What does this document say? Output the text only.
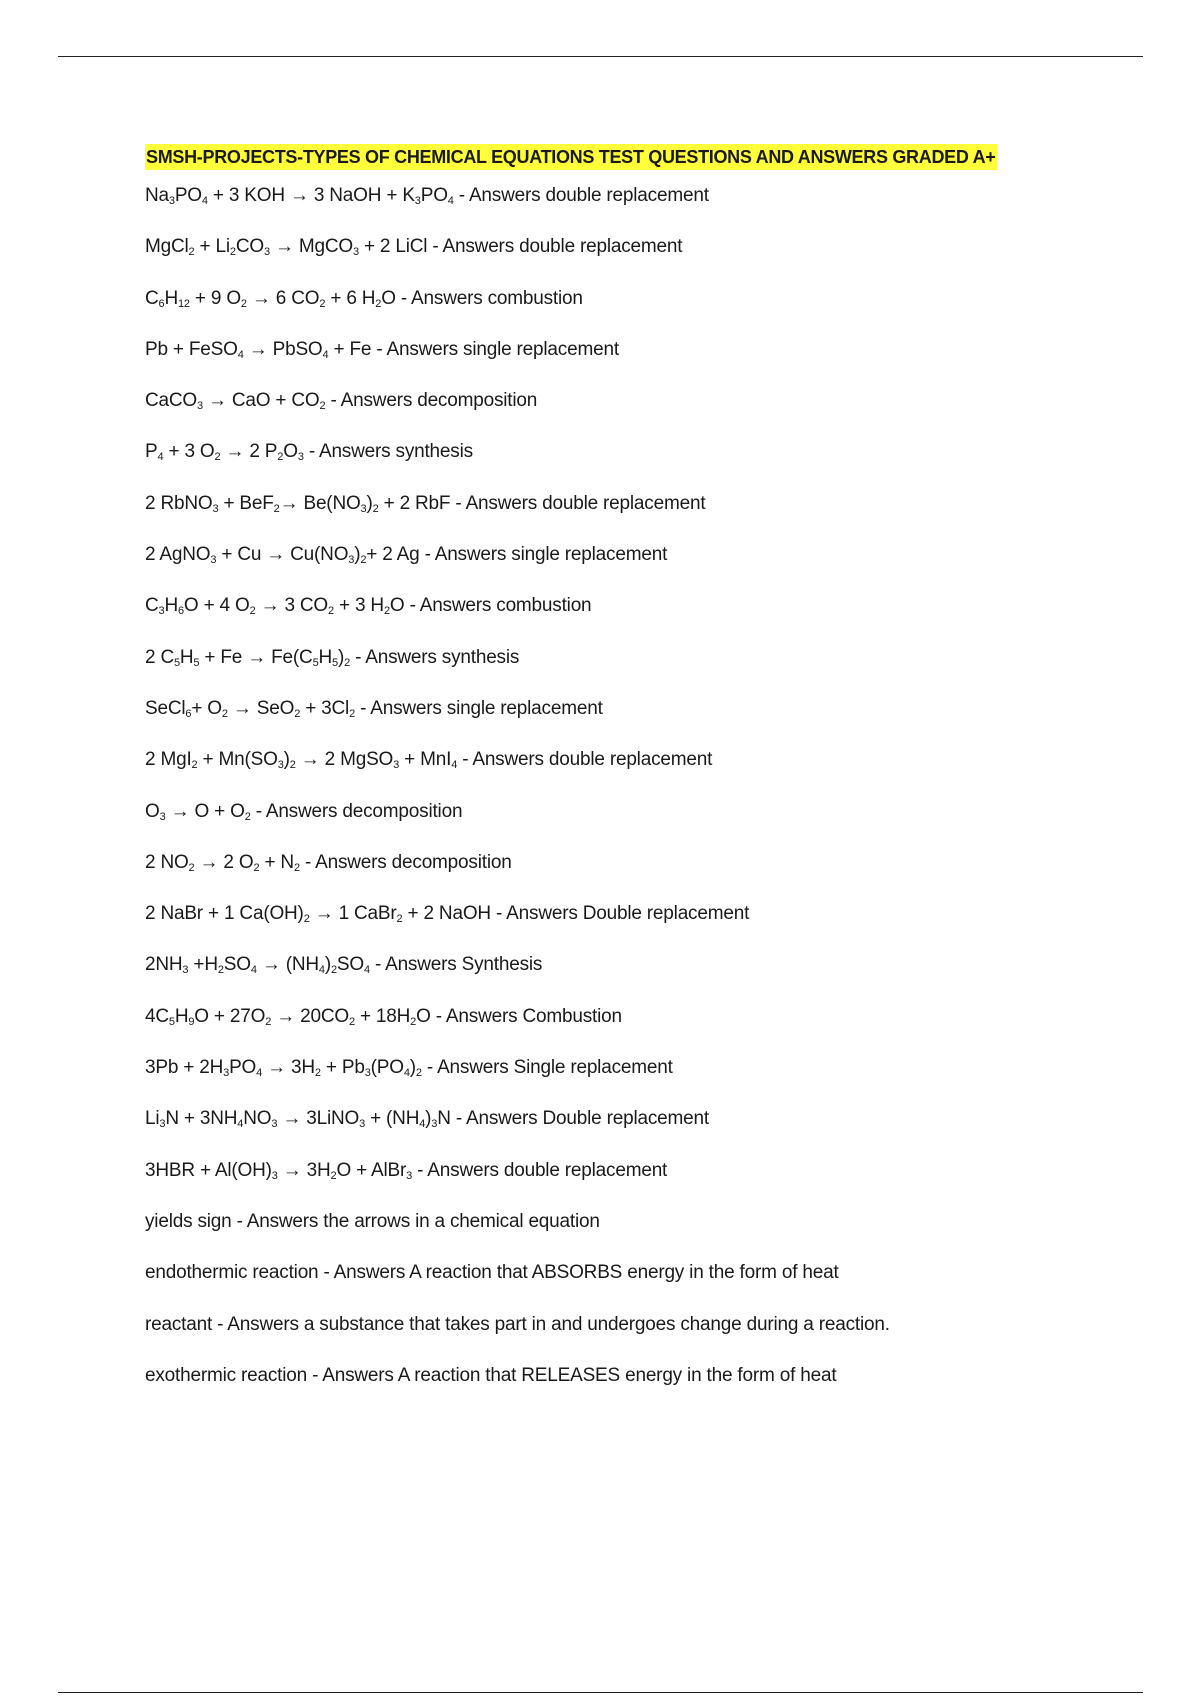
SMSH-PROJECTS-TYPES OF CHEMICAL EQUATIONS TEST QUESTIONS AND ANSWERS GRADED A+
$Na_3PO_4 + 3$ KOH → 3 NaOH + $K_3PO_4$ - Answers double replacement
MgCl$_2$ + $Li_2CO_3$ → MgCO$_3$ + 2 LiCl - Answers double replacement
$C_6H_{12} + 9$ $O_2 \to 6$ $CO_2 + 6$ $H_2O$ - Answers combustion
Pb + FeSO$_4$ → PbSO$_4$ + Fe - Answers single replacement
CaCO$_3$ → CaO + $CO_2$ - Answers decomposition
$P_4 + 3$ $O_2 \to 2$ $P_2O_3$ - Answers synthesis
2 RbNO$_3$ + $BeF_2\to Be(NO_3)_2 + 2$ RbF - Answers double replacement
2 AgNO$_3$ + $Cu \to Cu(NO_3)_2+ 2$ Ag - Answers single replacement
$C_3H_6O + 4$ $O_2 \to 3$ $CO_2 + 3$ $H_2O$ - Answers combustion
2 $C_5H_5 + Fe \to Fe(C_5H_5)_2$ - Answers synthesis
SeCl$_6$+ $O_2 \to SeO_2 + 3Cl_2$ - Answers single replacement
2 $MgI_2 + Mn(SO_3)_2 \to 2$ MgSO$_3$ + MnI$_4$ - Answers double replacement
$O_3 \to O + O_2$ - Answers decomposition
2 $NO_2 \to 2$ $O_2 + N_2$ - Answers decomposition
2 NaBr + 1 $Ca(OH)_2 \to 1$ CaBr$_2$ + 2 NaOH - Answers Double replacement
$2NH_3 +H_2SO_4 \to (NH_4)_2SO_4$ - Answers Synthesis
$4C_5H_9O + 27O_2 \to 20CO_2 + 18H_2O$ - Answers Combustion
$3Pb + 2H_3PO_4 \to 3H_2 + Pb_3(PO_4)_2$ - Answers Single replacement
$Li_3N + 3NH_4NO_3$ → 3LiNO$_3$ + $(NH_4)_3N$ - Answers Double replacement
$3HBR + Al(OH)_3 \to 3H_2O$ + AlBr$_3$ - Answers double replacement
yields sign - Answers the arrows in a chemical equation
endothermic reaction - Answers A reaction that ABSORBS energy in the form of heat
reactant - Answers a substance that takes part in and undergoes change during a reaction.
exothermic reaction - Answers A reaction that RELEASES energy in the form of heat
